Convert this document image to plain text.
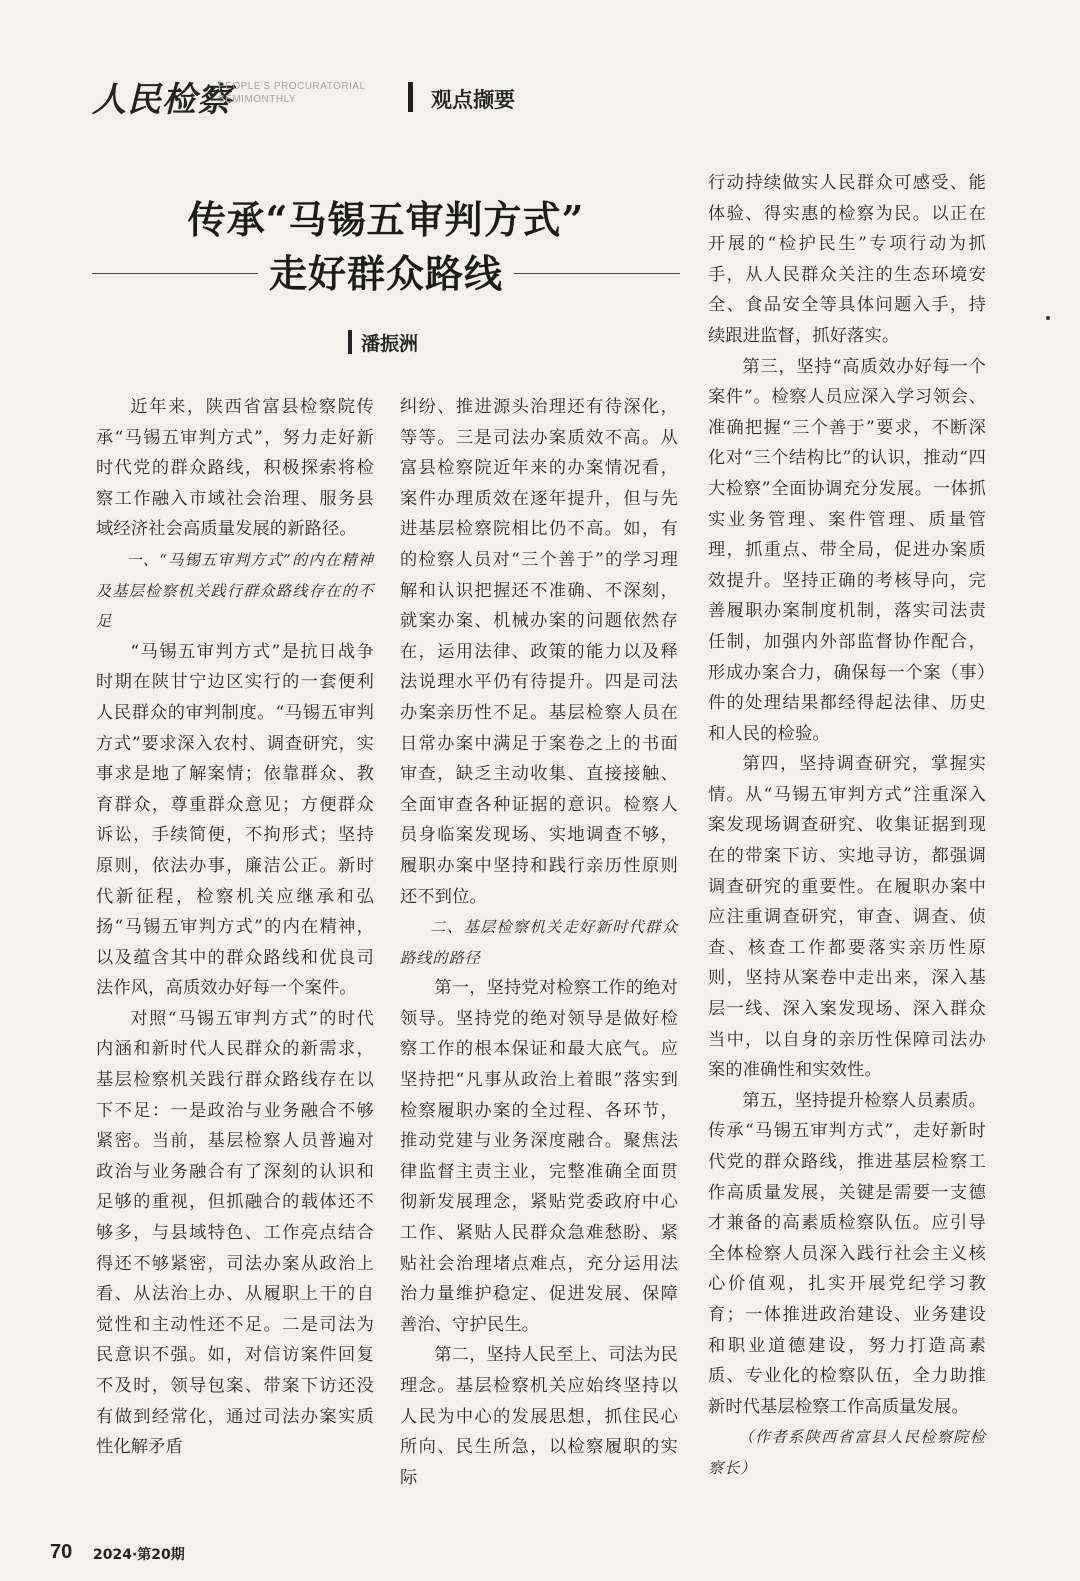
人民检察
PEOPLE'S PROCURATORIAL SEMIMONTHLY	观点撷要
传承“马锡五审判方式”
走好群众路线
潘振洲

近年来，陕西省富县检察院传承“马锡五审判方式”，努力走好新时代党的群众路线，积极探索将检察工作融入市域社会治理、服务县域经济社会高质量发展的新路径。

一、“马锡五审判方式”的内在精神及基层检察机关践行群众路线存在的不足

“马锡五审判方式”是抗日战争时期在陕甘宁边区实行的一套便利人民群众的审判制度。“马锡五审判方式”要求深入农村、调查研究，实事求是地了解案情；依靠群众、教育群众，尊重群众意见；方便群众诉讼，手续简便，不拘形式；坚持原则，依法办事，廉洁公正。新时代新征程，检察机关应继承和弘扬“马锡五审判方式”的内在精神，以及蕴含其中的群众路线和优良司法作风，高质效办好每一个案件。

对照“马锡五审判方式”的时代内涵和新时代人民群众的新需求，基层检察机关践行群众路线存在以下不足：一是政治与业务融合不够紧密。当前，基层检察人员普遍对政治与业务融合有了深刻的认识和足够的重视，但抓融合的载体还不够多，与县域特色、工作亮点结合得还不够紧密，司法办案从政治上看、从法治上办、从履职上干的自觉性和主动性还不足。二是司法为民意识不强。如，对信访案件回复不及时，领导包案、带案下访还没有做到经常化，通过司法办案实质性化解矛盾

纠纷、推进源头治理还有待深化，等等。三是司法办案质效不高。从富县检察院近年来的办案情况看，案件办理质效在逐年提升，但与先进基层检察院相比仍不高。如，有的检察人员对“三个善于”的学习理解和认识把握还不准确、不深刻，就案办案、机械办案的问题依然存在，运用法律、政策的能力以及释法说理水平仍有待提升。四是司法办案亲历性不足。基层检察人员在日常办案中满足于案卷之上的书面审查，缺乏主动收集、直接接触、全面审查各种证据的意识。检察人员身临案发现场、实地调查不够，履职办案中坚持和践行亲历性原则还不到位。

二、基层检察机关走好新时代群众路线的路径

第一，坚持党对检察工作的绝对领导。坚持党的绝对领导是做好检察工作的根本保证和最大底气。应坚持把“凡事从政治上着眼”落实到检察履职办案的全过程、各环节，推动党建与业务深度融合。聚焦法律监督主责主业，完整准确全面贯彻新发展理念，紧贴党委政府中心工作、紧贴人民群众急难愁盼、紧贴社会治理堵点难点，充分运用法治力量维护稳定、促进发展、保障善治、守护民生。

第二，坚持人民至上、司法为民理念。基层检察机关应始终坚持以人民为中心的发展思想，抓住民心所向、民生所急，以检察履职的实际

行动持续做实人民群众可感受、能体验、得实惠的检察为民。以正在开展的“检护民生”专项行动为抓手，从人民群众关注的生态环境安全、食品安全等具体问题入手，持续跟进监督，抓好落实。

第三，坚持“高质效办好每一个案件”。检察人员应深入学习领会、准确把握“三个善于”要求，不断深化对“三个结构比”的认识，推动“四大检察”全面协调充分发展。一体抓实业务管理、案件管理、质量管理，抓重点、带全局，促进办案质效提升。坚持正确的考核导向，完善履职办案制度机制，落实司法责任制，加强内外部监督协作配合，形成办案合力，确保每一个案（事）件的处理结果都经得起法律、历史和人民的检验。

第四，坚持调查研究，掌握实情。从“马锡五审判方式”注重深入案发现场调查研究、收集证据到现在的带案下访、实地寻访，都强调调查研究的重要性。在履职办案中应注重调查研究，审查、调查、侦查、核查工作都要落实亲历性原则，坚持从案卷中走出来，深入基层一线、深入案发现场、深入群众当中，以自身的亲历性保障司法办案的准确性和实效性。

第五，坚持提升检察人员素质。传承“马锡五审判方式”，走好新时代党的群众路线，推进基层检察工作高质量发展，关键是需要一支德才兼备的高素质检察队伍。应引导全体检察人员深入践行社会主义核心价值观，扎实开展党纪学习教育；一体推进政治建设、业务建设和职业道德建设，努力打造高素质、专业化的检察队伍，全力助推新时代基层检察工作高质量发展。

（作者系陕西省富县人民检察院检察长）

70 2024·第20期
